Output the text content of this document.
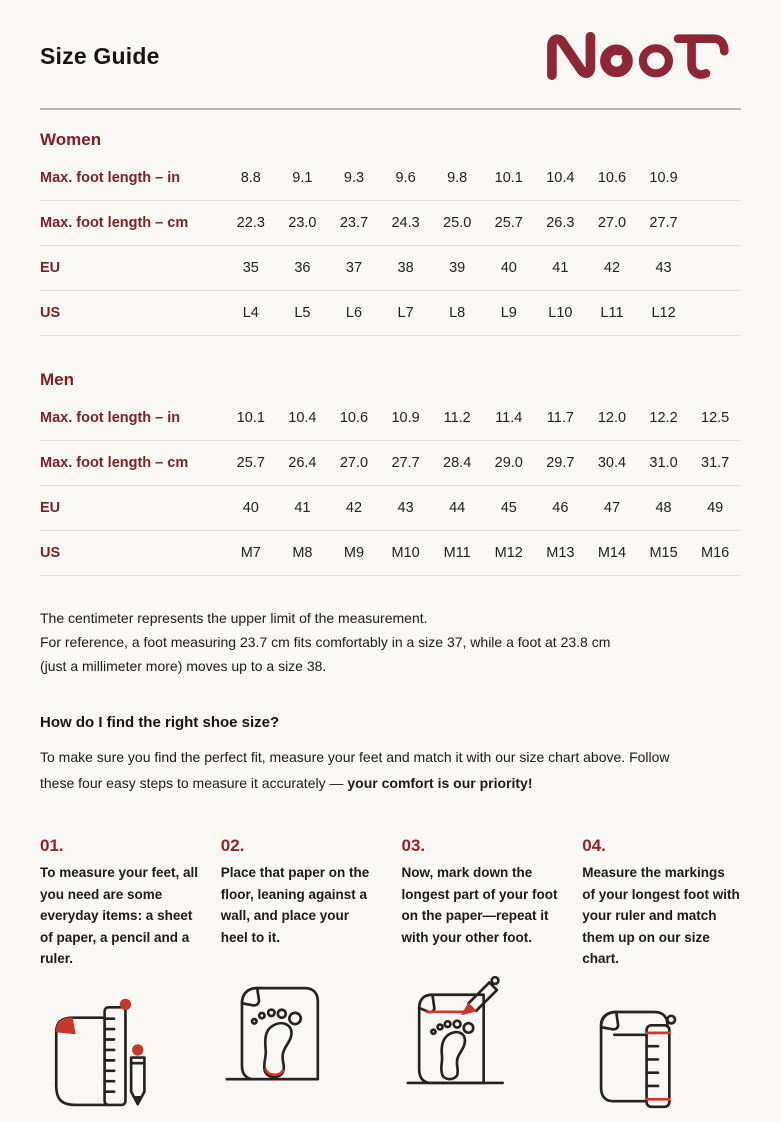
Size Guide
Women
Max. foot length – in	8.8	9.1	9.3	9.6	9.8	10.1	10.4	10.6	10.9
Max. foot length – cm	22.3	23.0	23.7	24.3	25.0	25.7	26.3	27.0	27.7
EU	35	36	37	38	39	40	41	42	43
US	L4	L5	L6	L7	L8	L9	L10	L11	L12
Men
Max. foot length – in	10.1	10.4	10.6	10.9	11.2	11.4	11.7	12.0	12.2	12.5
Max. foot length – cm	25.7	26.4	27.0	27.7	28.4	29.0	29.7	30.4	31.0	31.7
EU	40	41	42	43	44	45	46	47	48	49
US	M7	M8	M9	M10	M11	M12	M13	M14	M15	M16
The centimeter represents the upper limit of the measurement.
For reference, a foot measuring 23.7 cm fits comfortably in a size 37, while a foot at 23.8 cm
(just a millimeter more) moves up to a size 38.
How do I find the right shoe size?

To make sure you find the perfect fit, measure your feet and match it with our size chart above. Follow these four easy steps to measure it accurately — your comfort is our priority!

01.
To measure your feet, all you need are some everyday items: a sheet of paper, a pencil and a ruler.
02.
Place that paper on the floor, leaning against a wall, and place your heel to it.
03.
Now, mark down the longest part of your foot on the paper—repeat it with your other foot.
04.
Measure the markings of your longest foot with your ruler and match them up on our size chart.
